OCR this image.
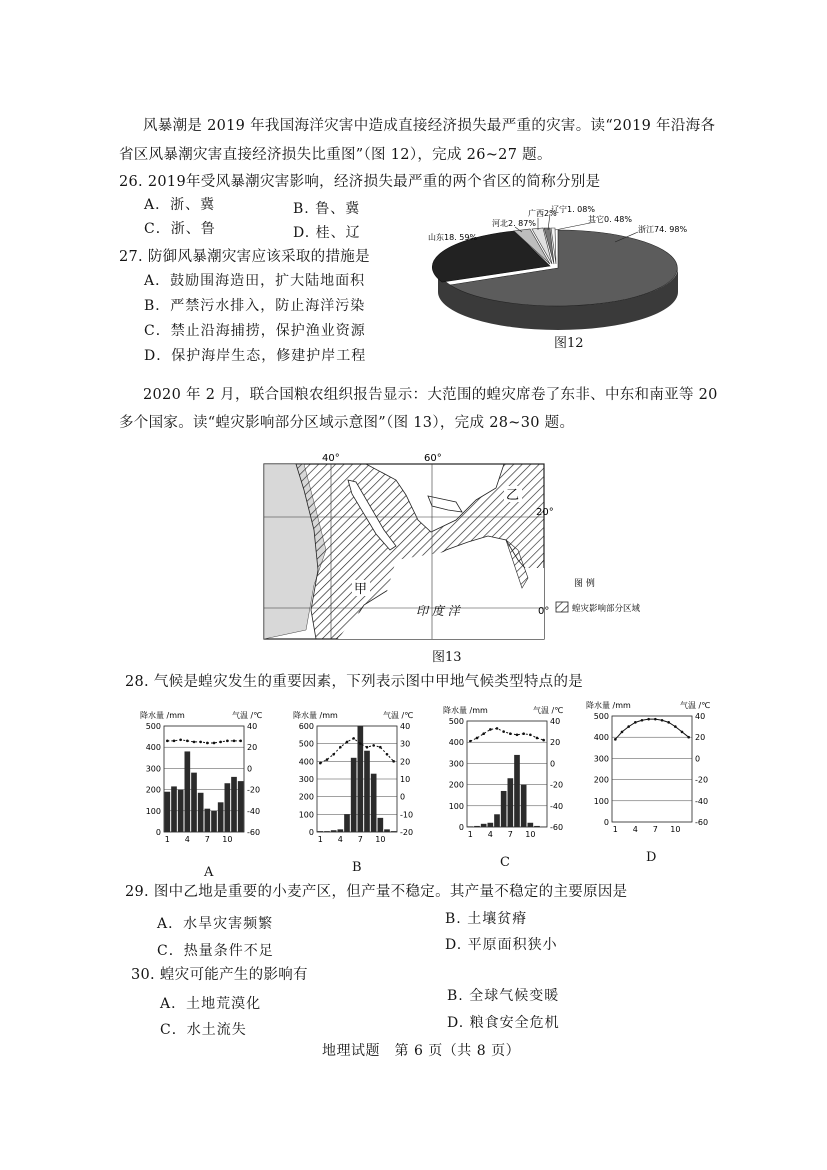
风暴潮是 2019 年我国海洋灾害中造成直接经济损失最严重的灾害。读“2019 年沿海各
省区风暴潮灾害直接经济损失比重图”（图 12），完成 26~27 题。
26. 2019年受风暴潮灾害影响，经济损失最严重的两个省区的简称分别是
A．浙、冀	B. 鲁、冀
C．浙、鲁	D. 桂、辽
27. 防御风暴潮灾害应该采取的措施是
A．鼓励围海造田，扩大陆地面积
B．严禁污水排入，防止海洋污染
C．禁止沿海捕捞，保护渔业资源
D．保护海岸生态，修建护岸工程
山东18. 59%
河北2. 87%
广西2%
辽宁1. 08%
其它0. 48%
浙江74. 98%
图12
2020 年 2 月，联合国粮农组织报告显示：大范围的蝗灾席卷了东非、中东和南亚等 20
多个国家。读“蝗灾影响部分区域示意图”（图 13），完成 28~30 题。
40°	60°
20°
0°
甲
乙
印 度 洋
图 例
蝗灾影响部分区域
图13
28. 气候是蝗灾发生的重要因素，下列表示图中甲地气候类型特点的是
降水量 /mm	气温 /℃
0
100
200
300
400
500
-60
-40
-20
0
20
40
1 4 7 10
A
降水量 /mm	气温 /℃
0
100
200
300
400
500
600
-20
-10
0
10
20
30
40
1 4 7 10
B
降水量 /mm	气温 /℃
0
100
200
300
400
500
-60
-40
-20
0
20
40
1 4 7 10
C
降水量 /mm	气温 /℃
0
100
200
300
400
500
-60
-40
-20
0
20
40
1 4 7 10
D
29. 图中乙地是重要的小麦产区，但产量不稳定。其产量不稳定的主要原因是
A．水旱灾害频繁	B. 土壤贫瘠
C．热量条件不足	D. 平原面积狭小
30. 蝗灾可能产生的影响有
A．土地荒漠化	B. 全球气候变暖
C．水土流失	D. 粮食安全危机
地理试题　第 6 页（共 8 页）
